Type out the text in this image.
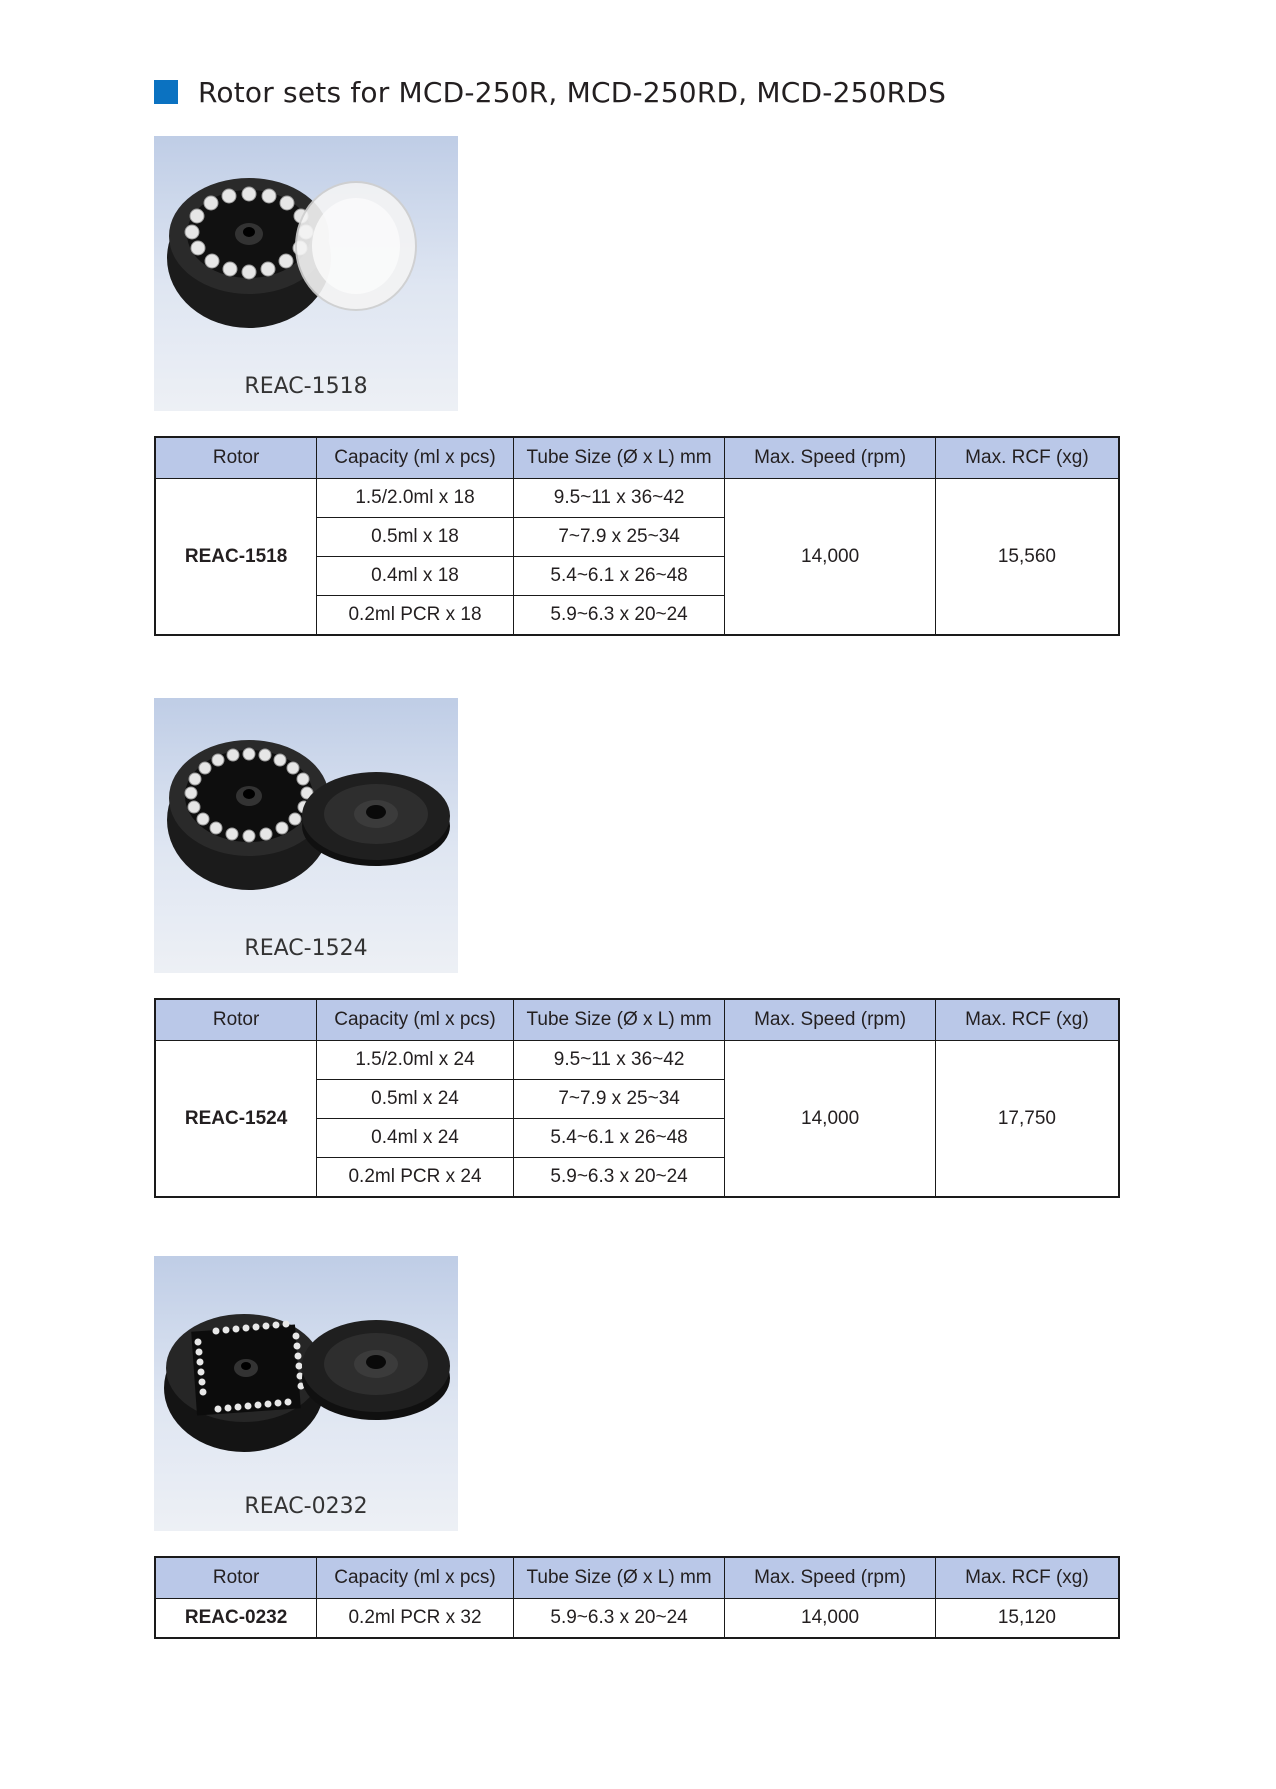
Rotor sets for MCD-250R, MCD-250RD, MCD-250RDS
REAC-1518
Rotor	Capacity (ml x pcs)	Tube Size (Ø x L) mm	Max. Speed (rpm)	Max. RCF (xg)
REAC-1518	1.5/2.0ml x 18	9.5~11 x 36~42	14,000	15,560
	0.5ml x 18	7~7.9 x 25~34		
	0.4ml x 18	5.4~6.1 x 26~48		
	0.2ml PCR x 18	5.9~6.3 x 20~24		
REAC-1524
Rotor	Capacity (ml x pcs)	Tube Size (Ø x L) mm	Max. Speed (rpm)	Max. RCF (xg)
REAC-1524	1.5/2.0ml x 24	9.5~11 x 36~42	14,000	17,750
	0.5ml x 24	7~7.9 x 25~34		
	0.4ml x 24	5.4~6.1 x 26~48		
	0.2ml PCR x 24	5.9~6.3 x 20~24		
REAC-0232
Rotor	Capacity (ml x pcs)	Tube Size (Ø x L) mm	Max. Speed (rpm)	Max. RCF (xg)
REAC-0232	0.2ml PCR x 32	5.9~6.3 x 20~24	14,000	15,120
